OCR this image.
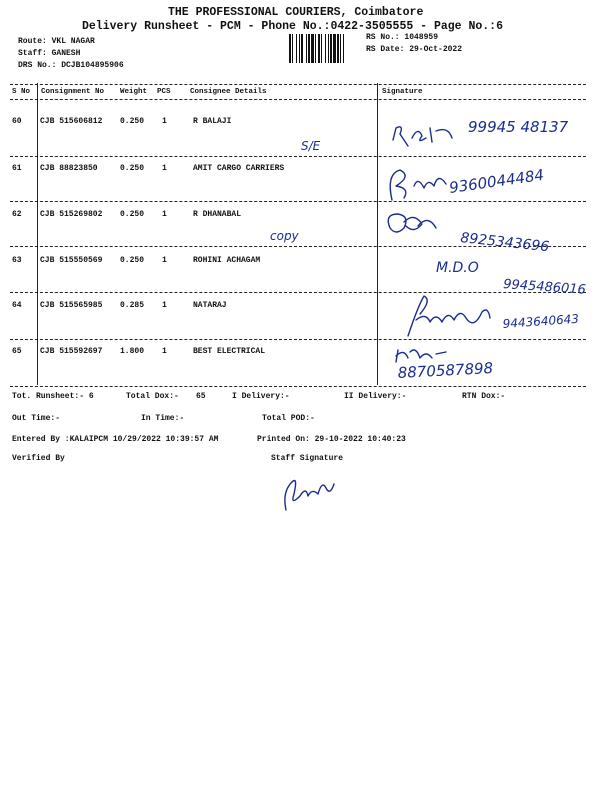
THE PROFESSIONAL COURIERS, Coimbatore
Delivery Runsheet - PCM - Phone No.:0422-3505555 - Page No.:6
Route: VKL NAGAR
Staff: GANESH
DRS No.: DCJB104895906
RS No.: 1048959
RS Date: 29-Oct-2022
S No Consignment No Weight PCS	Consignee Details	Signature
60 CJB 515606812 0.250 1	R BALAJI
61 CJB 88823850	0.250 1	AMIT CARGO CARRIERS
62 CJB 515269802 0.250 1	R DHANABAL
63 CJB 515550569 0.250 1	ROHINI ACHAGAM
64 CJB 515565985 0.285 1	NATARAJ
65 CJB 515592697 1.800 1	BEST ELECTRICAL
99945 48137
S/E
9360044484
8925343696
copy
M.D.O
9945486016
9443640643
8870587898
Tot. Runsheet:- 6	Total Dox:- 65	I Delivery:-	II Delivery:-	RTN Dox:-
Out Time:-	In Time:-	Total POD:-
Entered By :KALAIPCM 10/29/2022 10:39:57 AM	Printed On: 29-10-2022 10:40:23
Verified By	Staff Signature
